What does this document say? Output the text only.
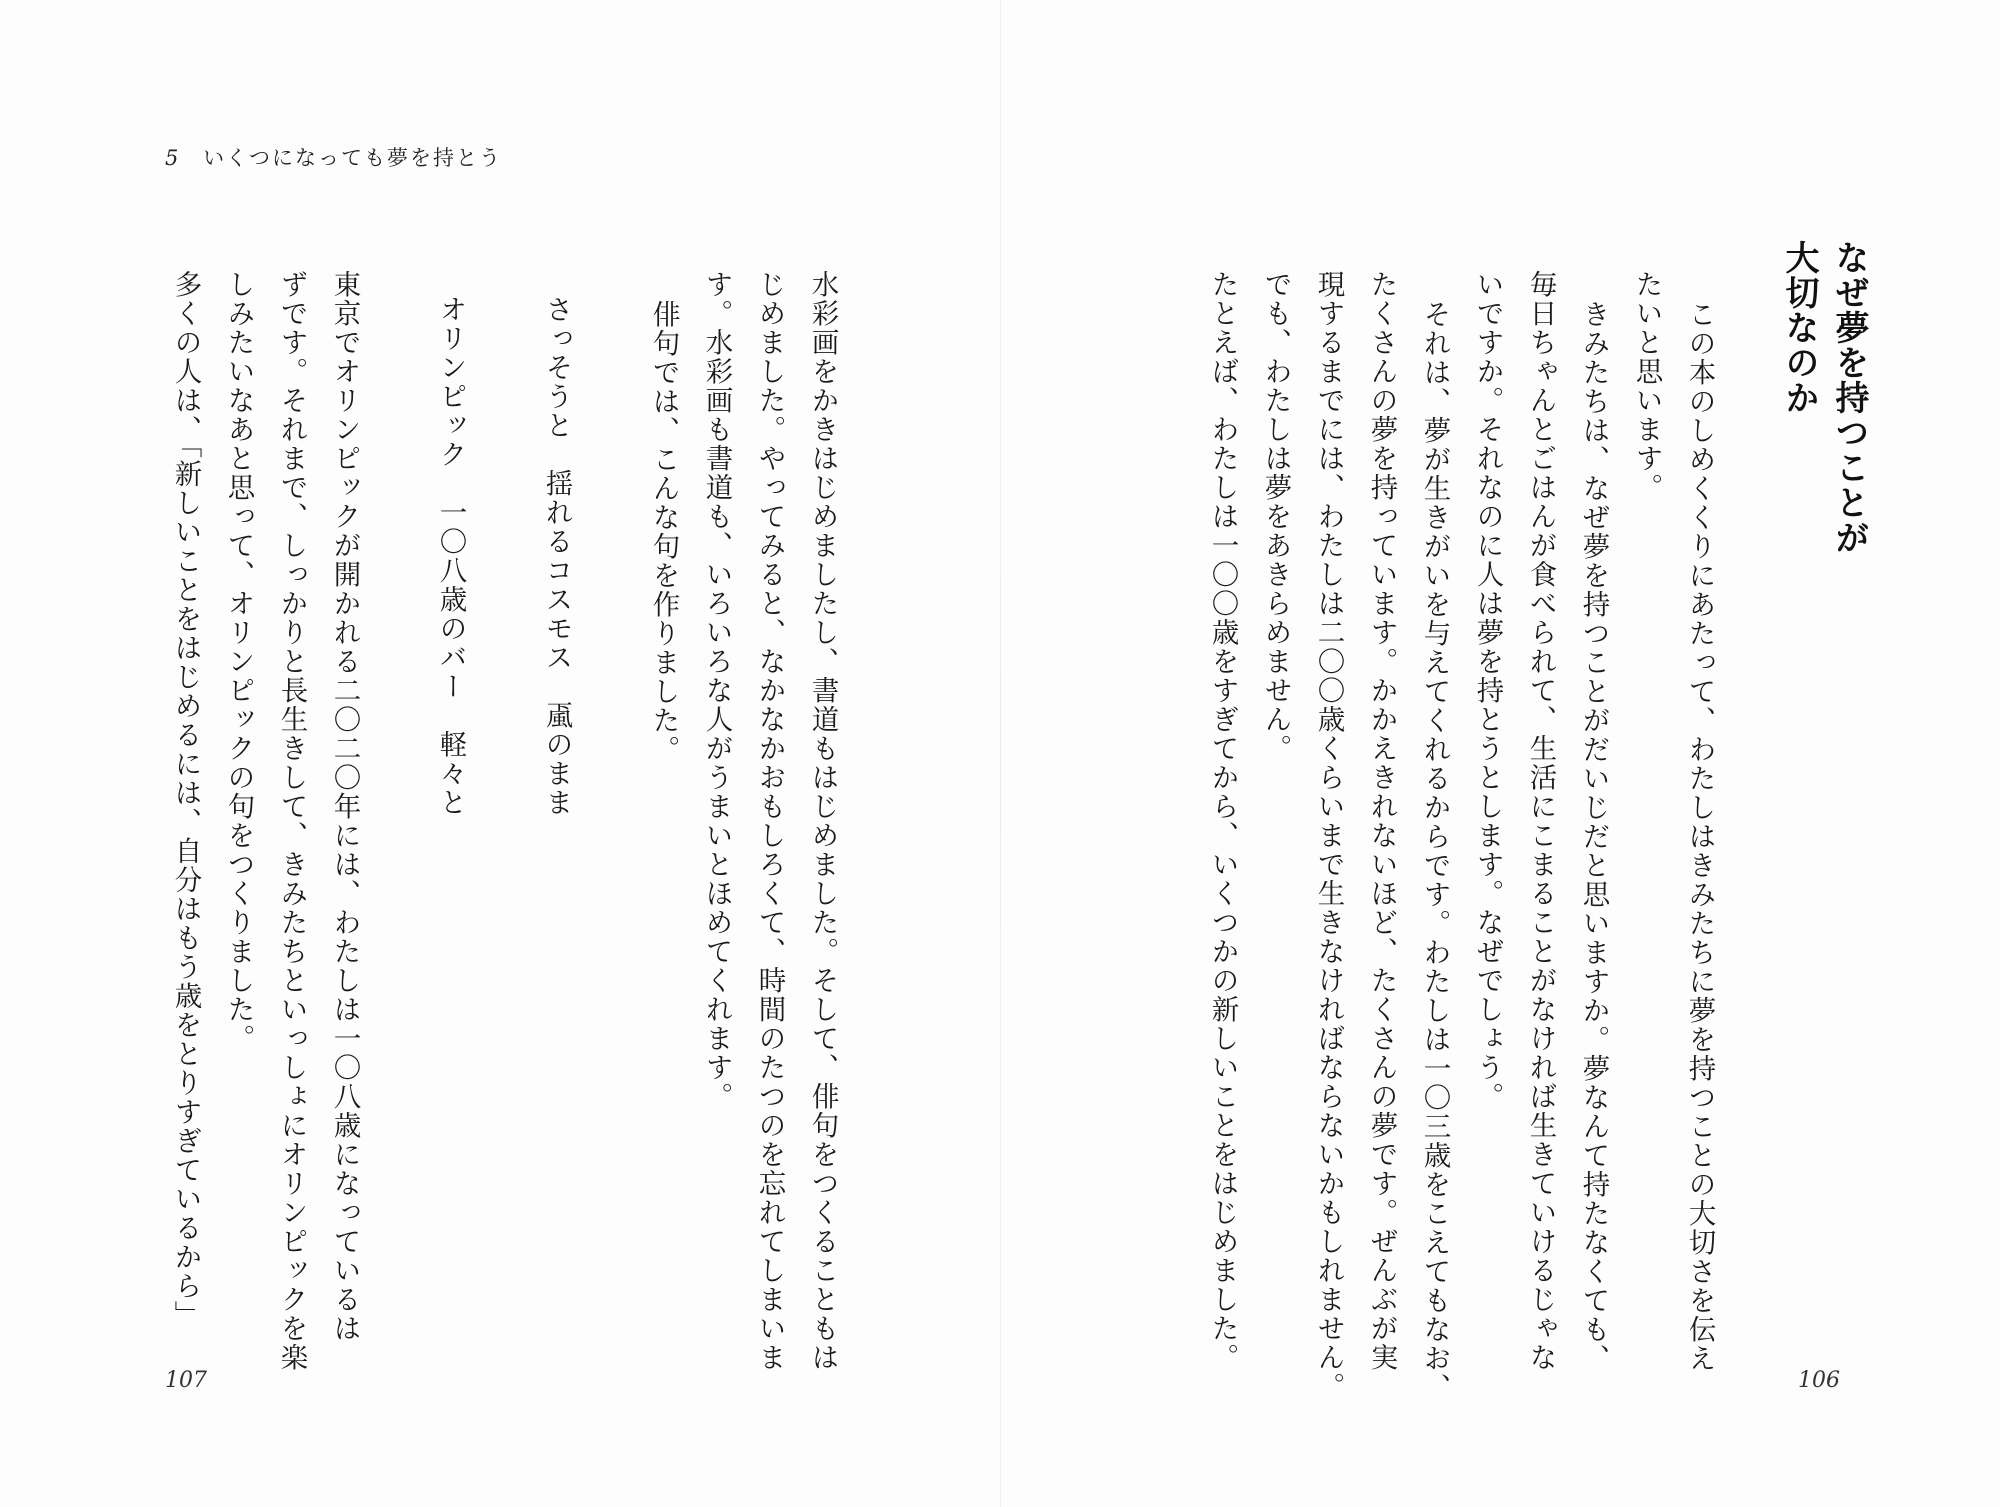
5 いくつになっても夢を持とう
なぜ夢を持つことが
大切なのか
この本のしめくくりにあたって、わたしはきみたちに夢を持つことの大切さを伝え
たいと思います。
きみたちは、なぜ夢を持つことがだいじだと思いますか。夢なんて持たなくても、
毎日ちゃんとごはんが食べられて、生活にこまることがなければ生きていけるじゃな
いですか。それなのに人は夢を持とうとします。なぜでしょう。
それは、夢が生きがいを与えてくれるからです。わたしは一〇三歳をこえてもなお、
たくさんの夢を持っています。かかえきれないほど、たくさんの夢です。ぜんぶが実
現するまでには、わたしは二〇〇歳くらいまで生きなければならないかもしれません。
でも、わたしは夢をあきらめません。
たとえば、わたしは一〇〇歳をすぎてから、いくつかの新しいことをはじめました。
水彩画をかきはじめましたし、書道もはじめました。そして、俳句をつくることもは
じめました。やってみると、なかなかおもしろくて、時間のたつのを忘れてしまいま
す。水彩画も書道も、いろいろな人がうまいとほめてくれます。
俳句では、こんな句を作りました。
さっそうと　揺れるコスモス　颪のまま
オリンピック　一〇八歳のバー　軽々と
東京でオリンピックが開かれる二〇二〇年には、わたしは一〇八歳になっているは
ずです。それまで、しっかりと長生きして、きみたちといっしょにオリンピックを楽
しみたいなあと思って、オリンピックの句をつくりました。
多くの人は、「新しいことをはじめるには、自分はもう歳をとりすぎているから」
107	106
